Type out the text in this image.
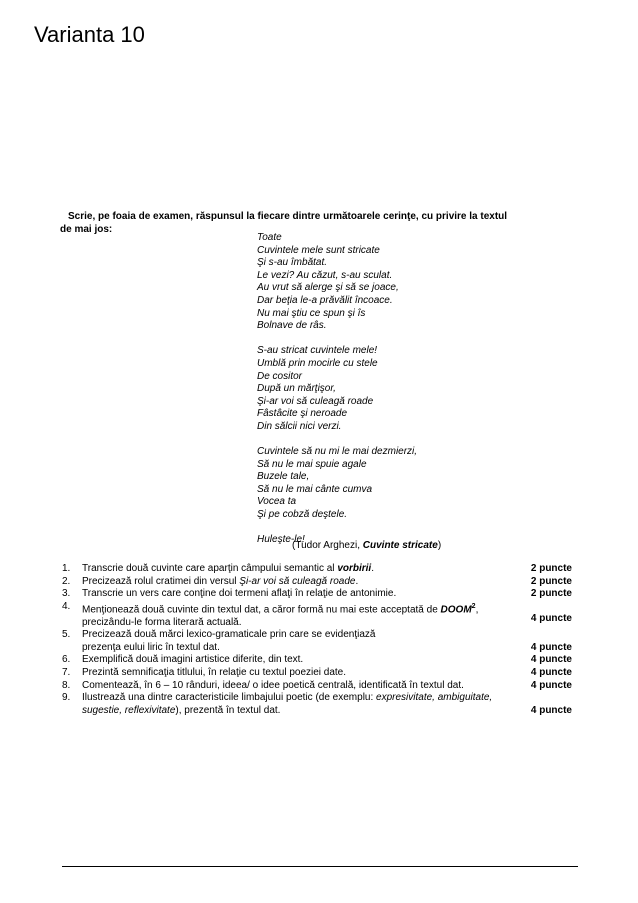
Varianta 10
Scrie, pe foaia de examen, răspunsul la fiecare dintre următoarele cerinţe, cu privire la textul
de mai jos:
Toate
Cuvintele mele sunt stricate
Şi s-au îmbătat.
Le vezi? Au căzut, s-au sculat.
Au vrut să alerge şi să se joace,
Dar beţia le-a prăvălit încoace.
Nu mai ştiu ce spun şi îs
Bolnave de râs.
S-au stricat cuvintele mele!
Umblă prin mocirle cu stele
De cositor
După un mărţişor,
Şi-ar voi să culeagă roade
Fâstâcite şi neroade
Din sălcii nici verzi.
Cuvintele să nu mi le mai dezmierzi,
Să nu le mai spuie agale
Buzele tale,
Să nu le mai cânte cumva
Vocea ta
Şi pe cobză deştele.
Huleşte-le!
(Tudor Arghezi, Cuvinte stricate)
1.	Transcrie două cuvinte care aparţin câmpului semantic al vorbirii.	2 puncte
2.	Precizează rolul cratimei din versul Şi-ar voi să culeagă roade.	2 puncte
3.	Transcrie un vers care conţine doi termeni aflaţi în relaţie de antonimie.	2 puncte
4.	Menţionează două cuvinte din textul dat, a căror formă nu mai este acceptată de DOOM$^2$,
precizându-le forma literară actuală.	4 puncte
5.	Precizează două mărci lexico-gramaticale prin care se evidenţiază
prezenţa eului liric în textul dat.	4 puncte
6.	Exemplifică două imagini artistice diferite, din text.	4 puncte
7.	Prezintă semnificaţia titlului, în relaţie cu textul poeziei date.	4 puncte
8.	Comentează, în 6 – 10 rânduri, ideea/ o idee poetică centrală, identificată în textul dat.	4 puncte
9.	Ilustrează una dintre caracteristicile limbajului poetic (de exemplu: expresivitate, ambiguitate,
sugestie, reflexivitate), prezentă în textul dat.	4 puncte
